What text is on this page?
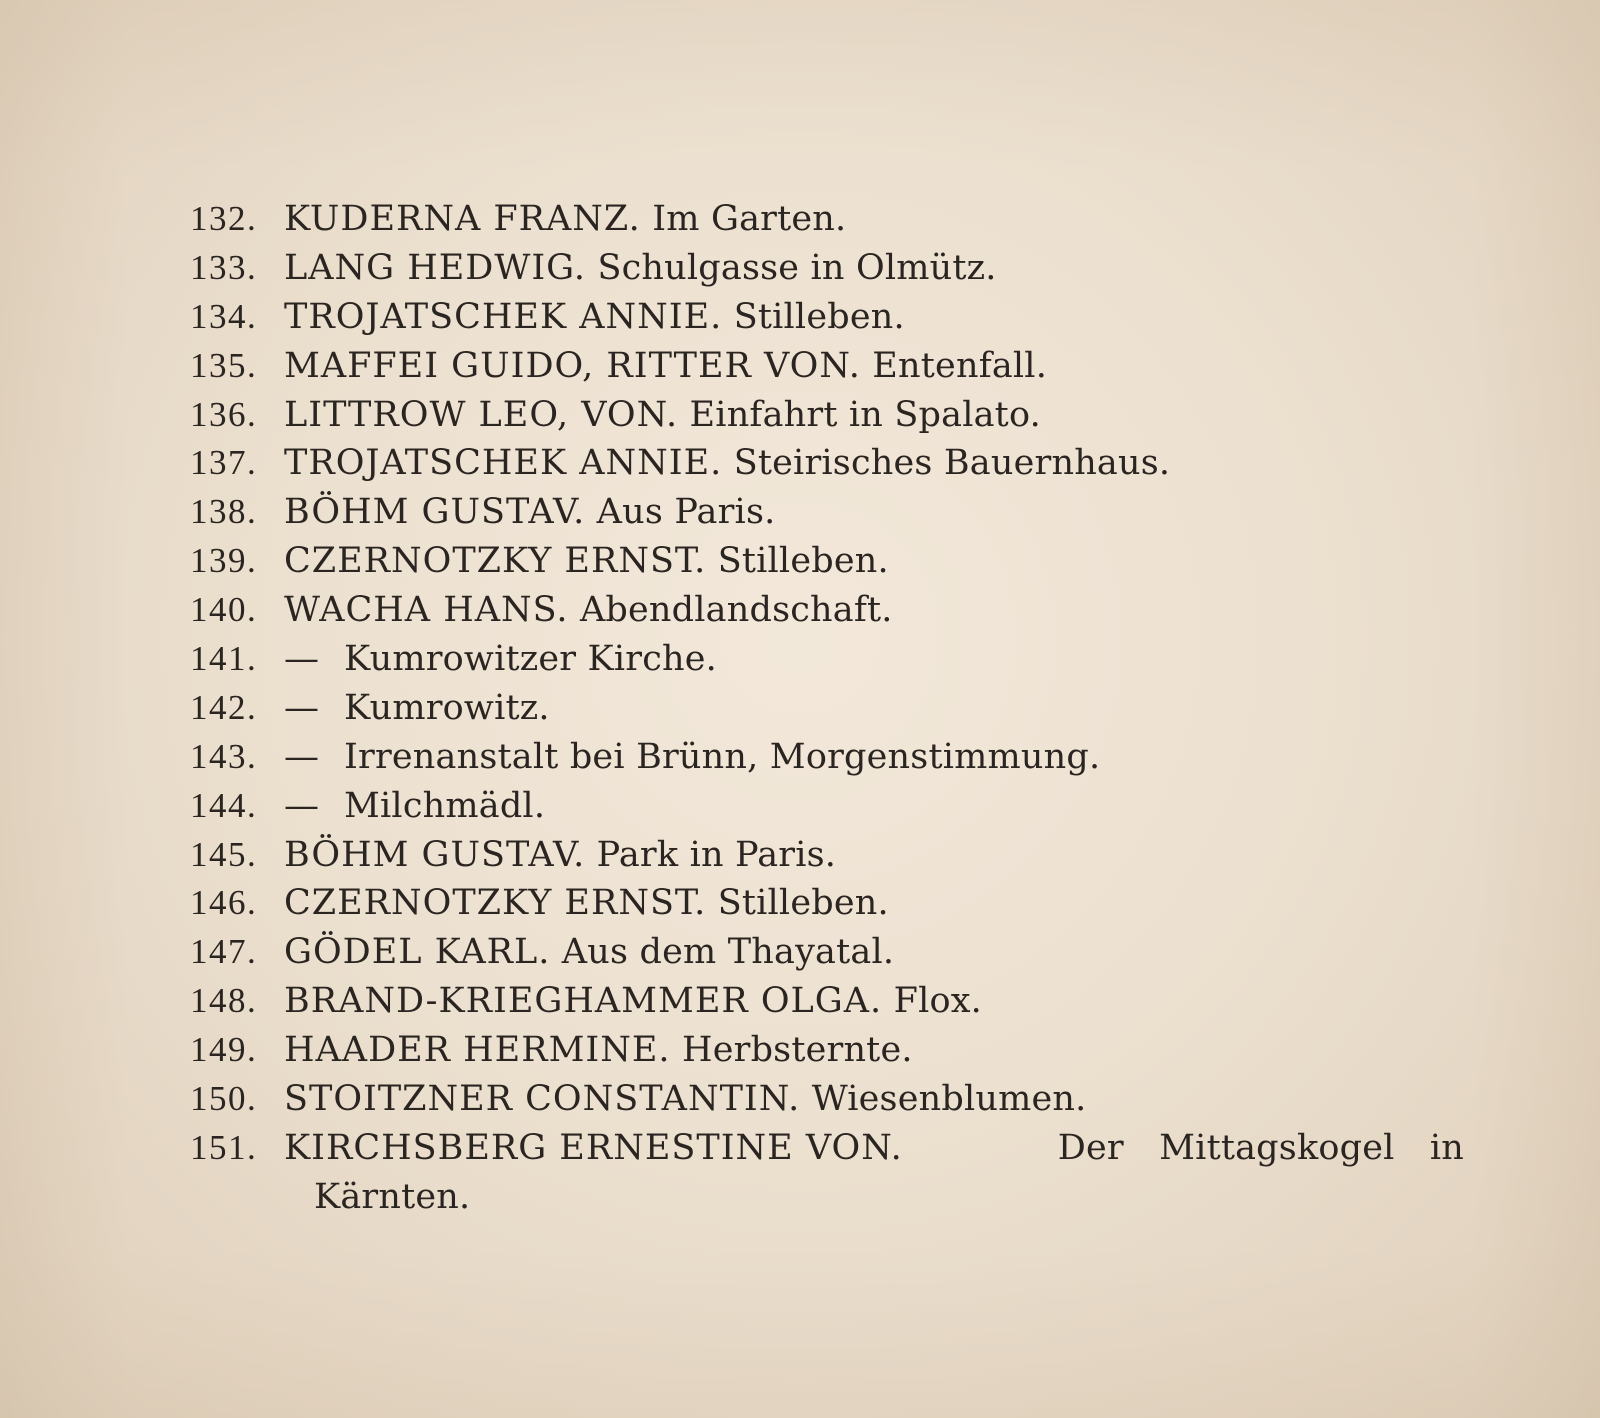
132. KUDERNA FRANZ. Im Garten.
133. LANG HEDWIG. Schulgasse in Olmütz.
134. TROJATSCHEK ANNIE. Stilleben.
135. MAFFEI GUIDO, RITTER VON. Entenfall.
136. LITTROW LEO, VON. Einfahrt in Spalato.
137. TROJATSCHEK ANNIE. Steirisches Bauernhaus.
138. BÖHM GUSTAV. Aus Paris.
139. CZERNOTZKY ERNST. Stilleben.
140. WACHA HANS. Abendlandschaft.
141. — Kumrowitzer Kirche.
142. — Kumrowitz.
143. — Irrenanstalt bei Brünn, Morgenstimmung.
144. — Milchmädl.
145. BÖHM GUSTAV. Park in Paris.
146. CZERNOTZKY ERNST. Stilleben.
147. GÖDEL KARL. Aus dem Thayatal.
148. BRAND-KRIEGHAMMER OLGA. Flox.
149. HAADER HERMINE. Herbsternte.
150. STOITZNER CONSTANTIN. Wiesenblumen.
151. KIRCHSBERG ERNESTINE VON.	Der Mittagskogel in
Kärnten.
